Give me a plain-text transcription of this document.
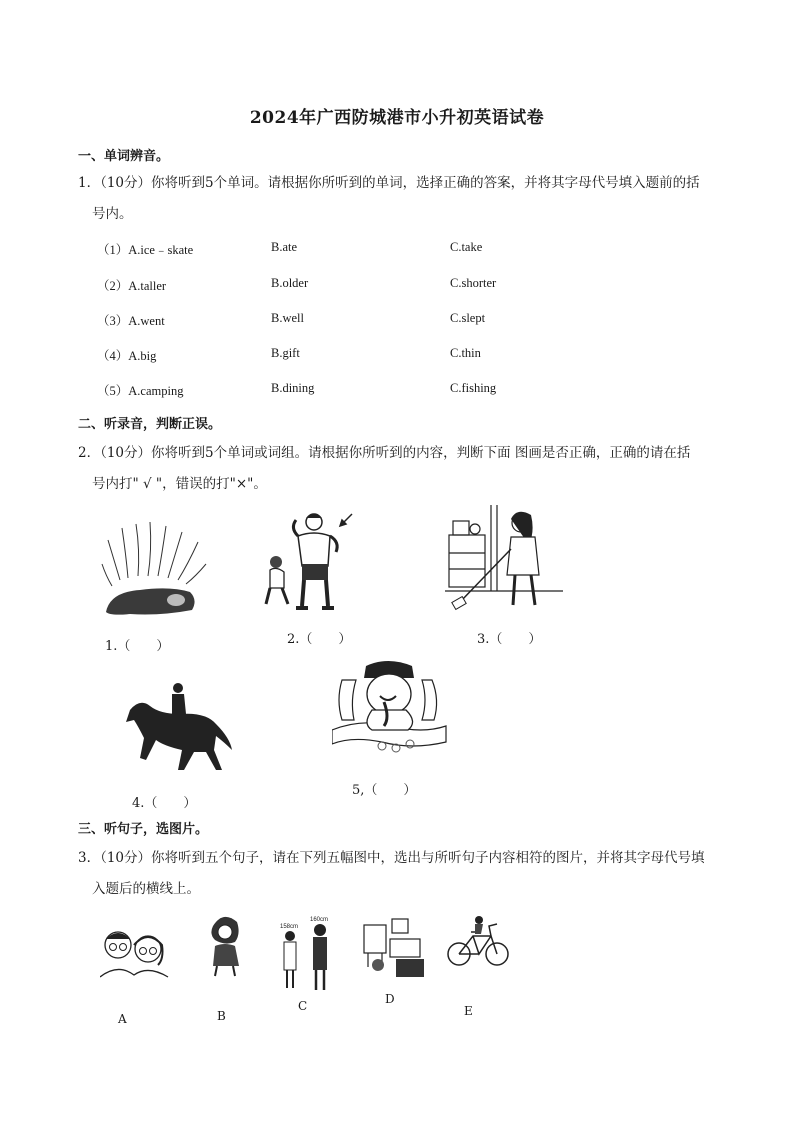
2024年广西防城港市小升初英语试卷
一、单词辨音。
1．（10分）你将听到5个单词。请根据你所听到的单词，选择正确的答案，并将其字母代号填入题前的括
号内。
（1）A.ice﹣skate	B.ate	C.take
（2）A.taller	B.older	C.shorter
（3）A.went	B.well	C.slept
（4）A.big	B.gift	C.thin
（5）A.camping	B.dining	C.fishing
二、听录音，判断正误。
2．（10分）你将听到5个单词或词组。请根据你所听到的内容，判断下面 图画是否正确，正确的请在括
号内打" √ "，错误的打"×"。
1.（　　）	2.（　　）	3.（　　）
4.（　　）
5,（　　）
三、听句子，选图片。
3．（10分）你将听到五个句子，请在下列五幅图中，选出与所听句子内容相符的图片，并将其字母代号填
入题后的横线上。
A	B
158cm
160cm
C	D
E
